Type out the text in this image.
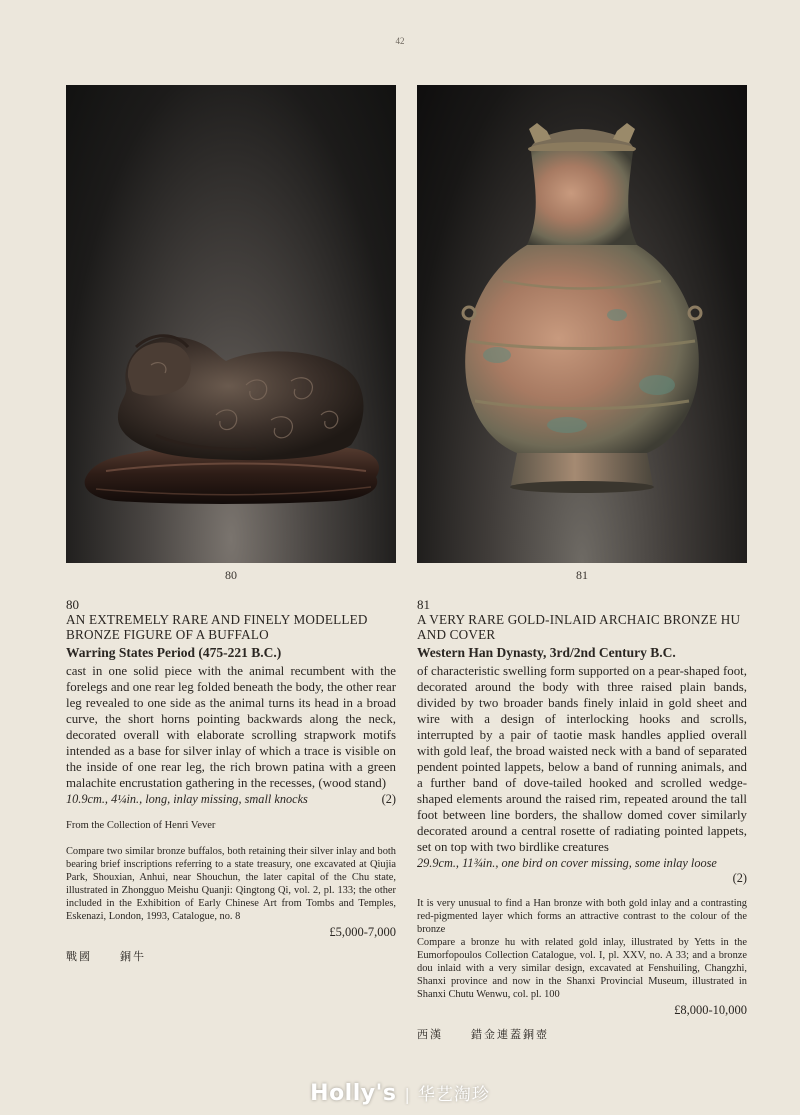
42
80	81
80
AN EXTREMELY RARE AND FINELY MODELLED BRONZE FIGURE OF A BUFFALO
Warring States Period (475-221 B.C.)
cast in one solid piece with the animal recumbent with the forelegs and one rear leg folded beneath the body, the other rear leg revealed to one side as the animal turns its head in a broad curve, the short horns pointing backwards along the neck, decorated overall with elaborate scrolling strapwork motifs intended as a base for silver inlay of which a trace is visible on the inside of one rear leg, the rich brown patina with a green malachite encrustation gathering in the recesses, (wood stand)
10.9cm., 4¼in., long, inlay missing, small knocks	(2)
From the Collection of Henri Vever
Compare two similar bronze buffalos, both retaining their silver inlay and both bearing brief inscriptions referring to a state treasury, one excavated at Qiujia Park, Shouxian, Anhui, near Shouchun, the later capital of the Chu state, illustrated in Zhongguo Meishu Quanji: Qingtong Qi, vol. 2, pl. 133; the other included in the Exhibition of Early Chinese Art from Tombs and Temples, Eskenazi, London, 1993, Catalogue, no. 8
£5,000-7,000
戰國	銅牛
81
A VERY RARE GOLD-INLAID ARCHAIC BRONZE HU AND COVER
Western Han Dynasty, 3rd/2nd Century B.C.
of characteristic swelling form supported on a pear-shaped foot, decorated around the body with three raised plain bands, divided by two broader bands finely inlaid in gold sheet and wire with a design of interlocking hooks and scrolls, interrupted by a pair of taotie mask handles applied overall with gold leaf, the broad waisted neck with a band of separated pendent pointed lappets, below a band of running animals, and a further band of dove-tailed hooked and scrolled wedge-shaped elements around the raised rim, repeated around the tall foot between line borders, the shallow domed cover similarly decorated around a central rosette of radiating pointed lappets, set on top with two birdlike creatures
29.9cm., 11¾in., one bird on cover missing, some inlay loose
(2)
It is very unusual to find a Han bronze with both gold inlay and a contrasting red-pigmented layer which forms an attractive contrast to the colour of the bronze
Compare a bronze hu with related gold inlay, illustrated by Yetts in the Eumorfopoulos Collection Catalogue, vol. I, pl. XXV, no. A 33; and a bronze dou inlaid with a very similar design, excavated at Fenshuiling, Changzhi, Shanxi province and now in the Shanxi Provincial Museum, illustrated in Shanxi Chutu Wenwu, col. pl. 100
£8,000-10,000
西漢	錯金連蓋銅壺
Holly's | 华艺淘珍
